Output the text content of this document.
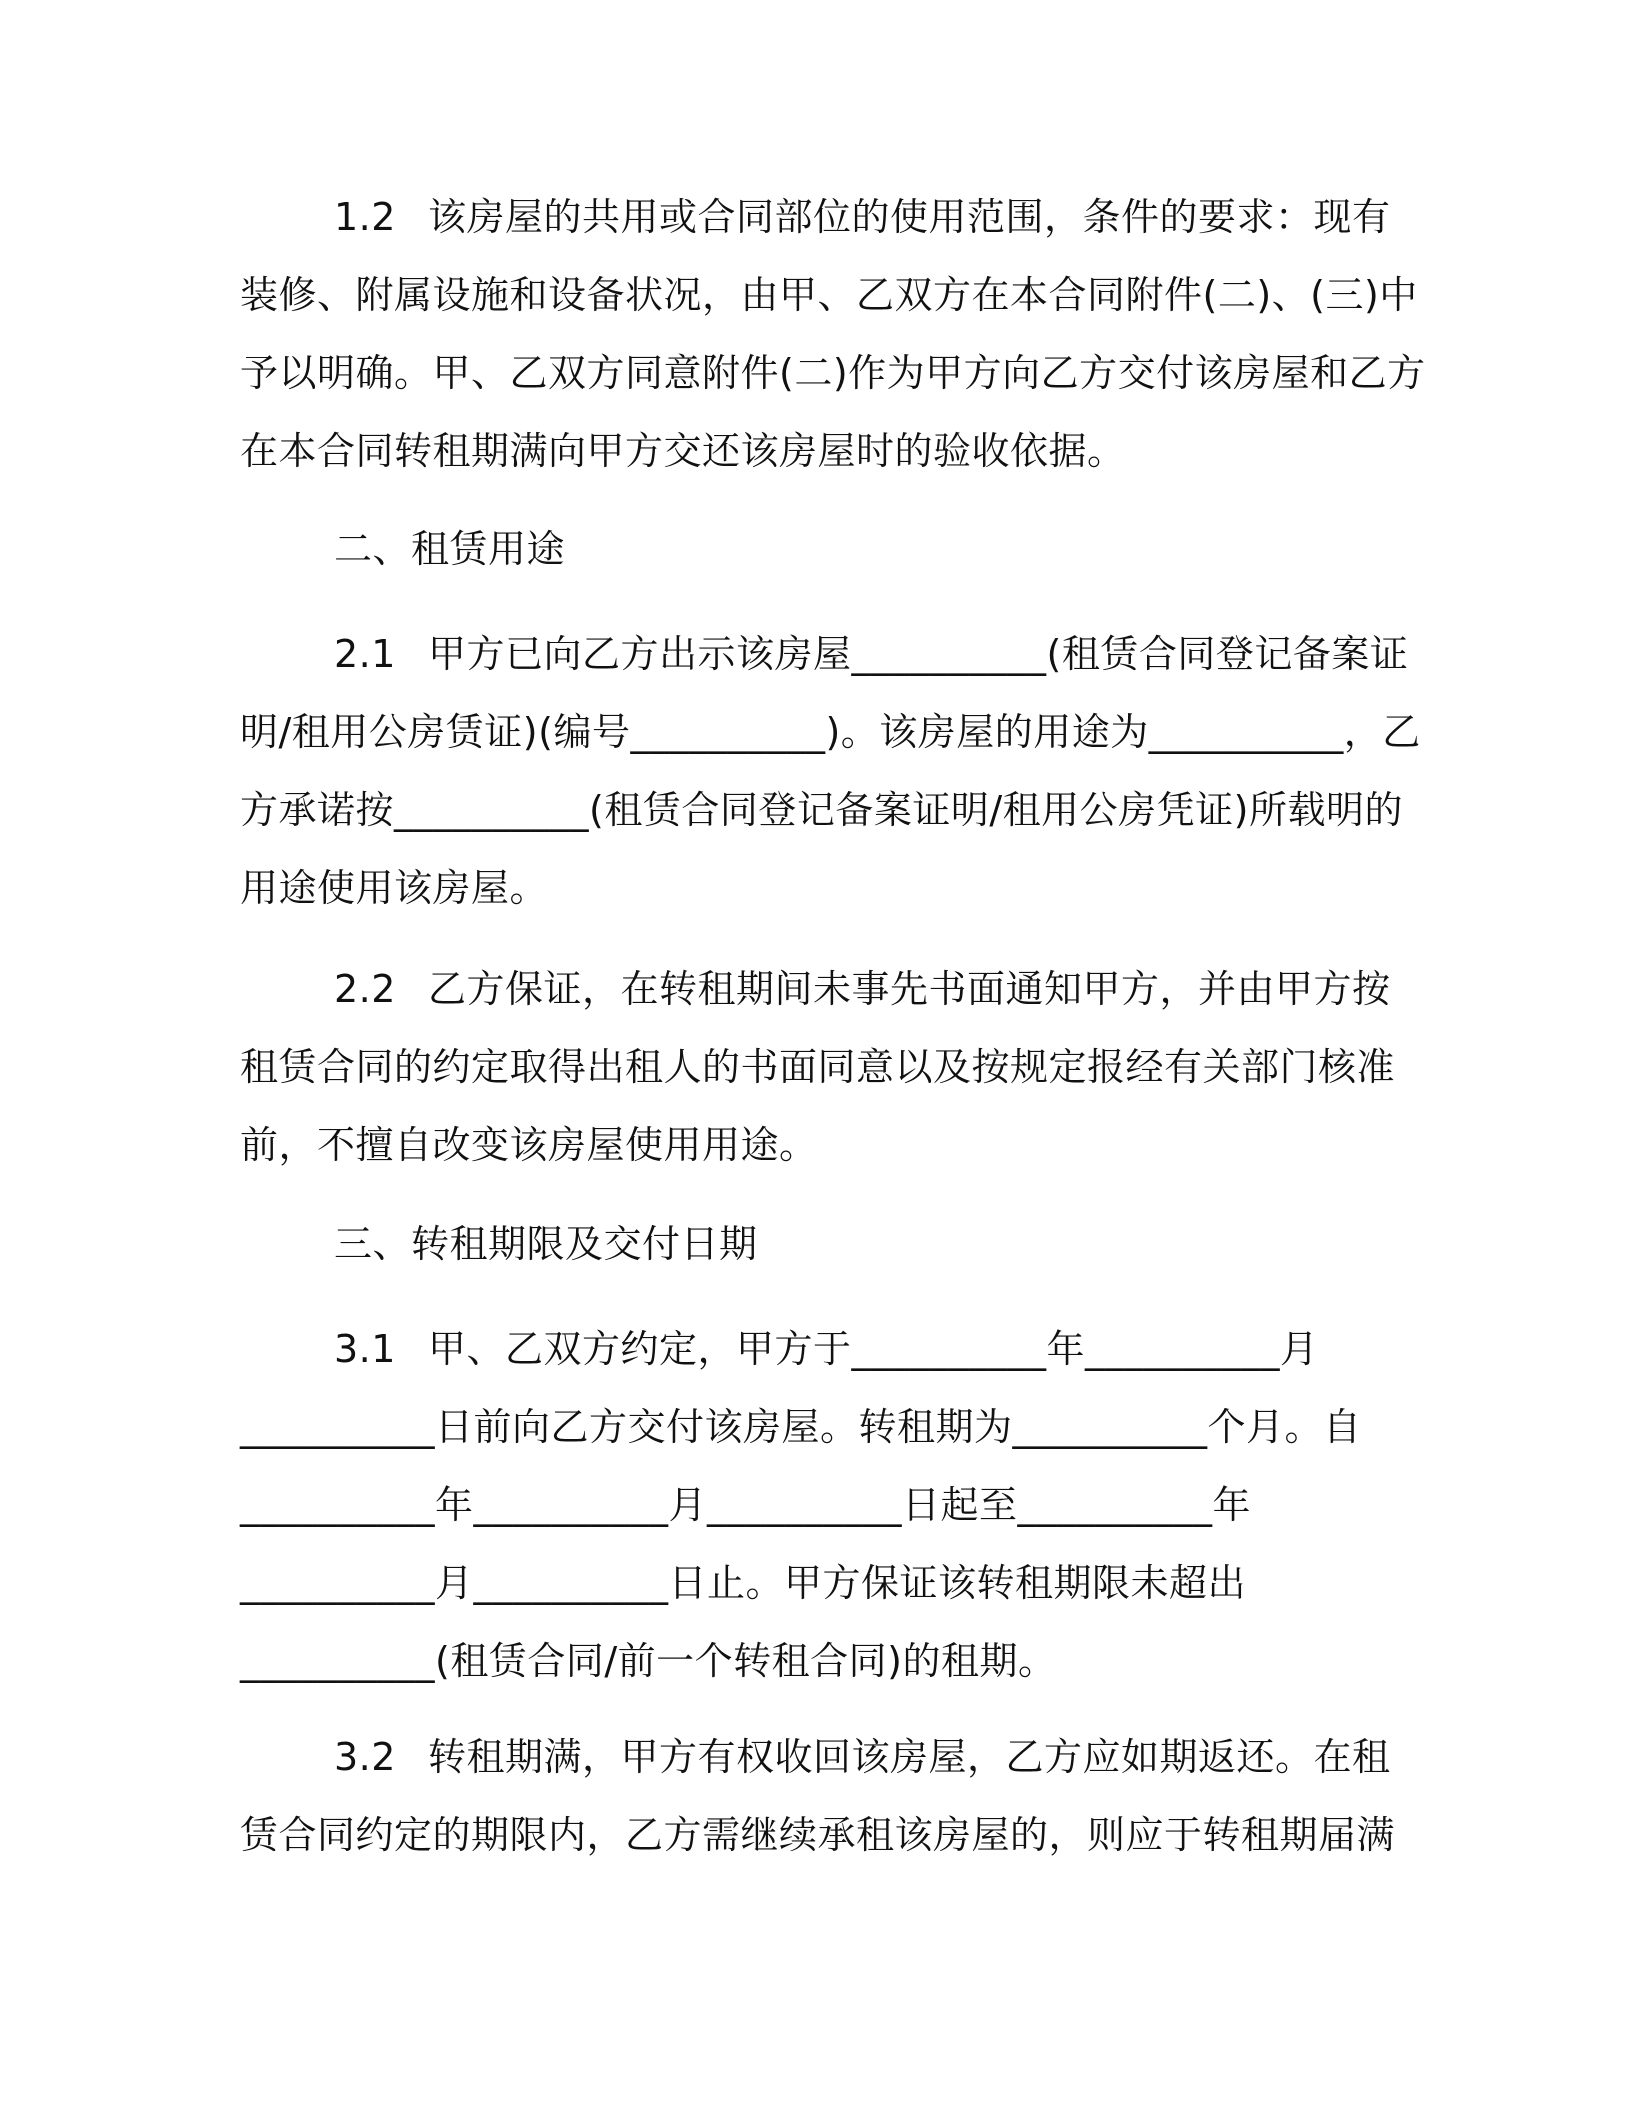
1.2 该房屋的共用或合同部位的使用范围，条件的要求：现有
装修、附属设施和设备状况，由甲、乙双方在本合同附件(二)、(三)中
予以明确。甲、乙双方同意附件(二)作为甲方向乙方交付该房屋和乙方
在本合同转租期满向甲方交还该房屋时的验收依据。
二、租赁用途
2.1 甲方已向乙方出示该房屋__________(租赁合同登记备案证
明/租用公房赁证)(编号__________)。该房屋的用途为__________，乙
方承诺按__________(租赁合同登记备案证明/租用公房凭证)所载明的
用途使用该房屋。
2.2 乙方保证，在转租期间未事先书面通知甲方，并由甲方按
租赁合同的约定取得出租人的书面同意以及按规定报经有关部门核准
前，不擅自改变该房屋使用用途。
三、转租期限及交付日期
3.1 甲、乙双方约定，甲方于__________年__________月
__________日前向乙方交付该房屋。转租期为__________个月。自
__________年__________月__________日起至__________年
__________月__________日止。甲方保证该转租期限未超出
__________(租赁合同/前一个转租合同)的租期。
3.2 转租期满，甲方有权收回该房屋，乙方应如期返还。在租
赁合同约定的期限内，乙方需继续承租该房屋的，则应于转租期届满
